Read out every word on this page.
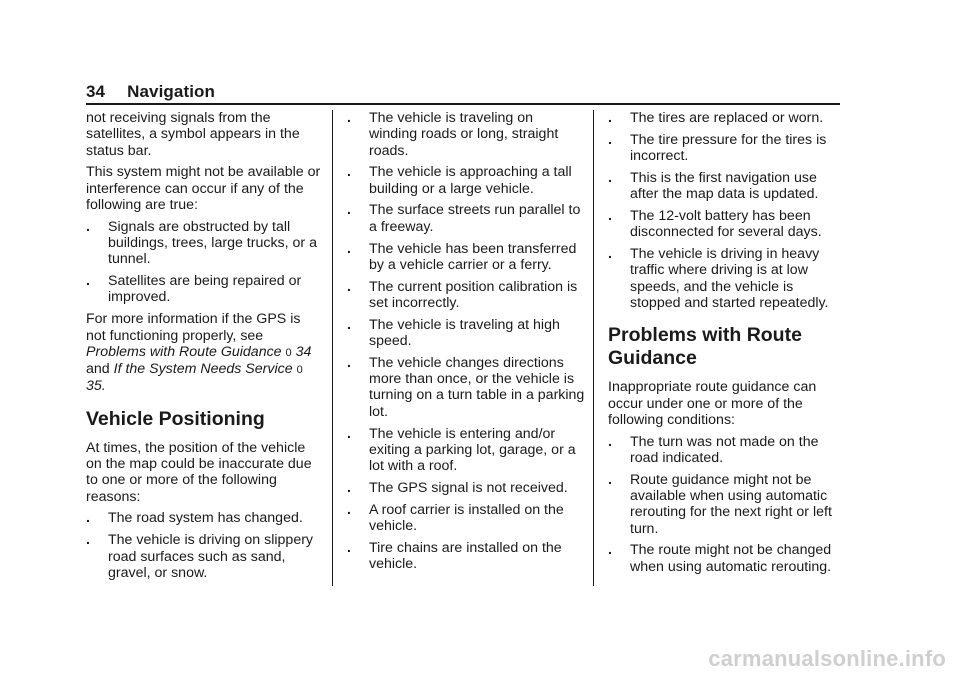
34 Navigation

not receiving signals from the satellites, a symbol appears in the status bar.

This system might not be available or interference can occur if any of the following are true:

. Signals are obstructed by tall buildings, trees, large trucks, or a tunnel.
. Satellites are being repaired or improved.

For more information if the GPS is not functioning properly, see Problems with Route Guidance 0 34 and If the System Needs Service 0 35.

Vehicle Positioning

At times, the position of the vehicle on the map could be inaccurate due to one or more of the following reasons:

. The road system has changed.
. The vehicle is driving on slippery road surfaces such as sand, gravel, or snow.
. The vehicle is traveling on winding roads or long, straight roads.
. The vehicle is approaching a tall building or a large vehicle.
. The surface streets run parallel to a freeway.
. The vehicle has been transferred by a vehicle carrier or a ferry.
. The current position calibration is set incorrectly.
. The vehicle is traveling at high speed.
. The vehicle changes directions more than once, or the vehicle is turning on a turn table in a parking lot.
. The vehicle is entering and/or exiting a parking lot, garage, or a lot with a roof.
. The GPS signal is not received.
. A roof carrier is installed on the vehicle.
. Tire chains are installed on the vehicle.
. The tires are replaced or worn.
. The tire pressure for the tires is incorrect.
. This is the first navigation use after the map data is updated.
. The 12-volt battery has been disconnected for several days.
. The vehicle is driving in heavy traffic where driving is at low speeds, and the vehicle is stopped and started repeatedly.
Problems with Route Guidance

Inappropriate route guidance can occur under one or more of the following conditions:

. The turn was not made on the road indicated.
. Route guidance might not be available when using automatic rerouting for the next right or left turn.
. The route might not be changed when using automatic rerouting.
carmanualsonline.info
